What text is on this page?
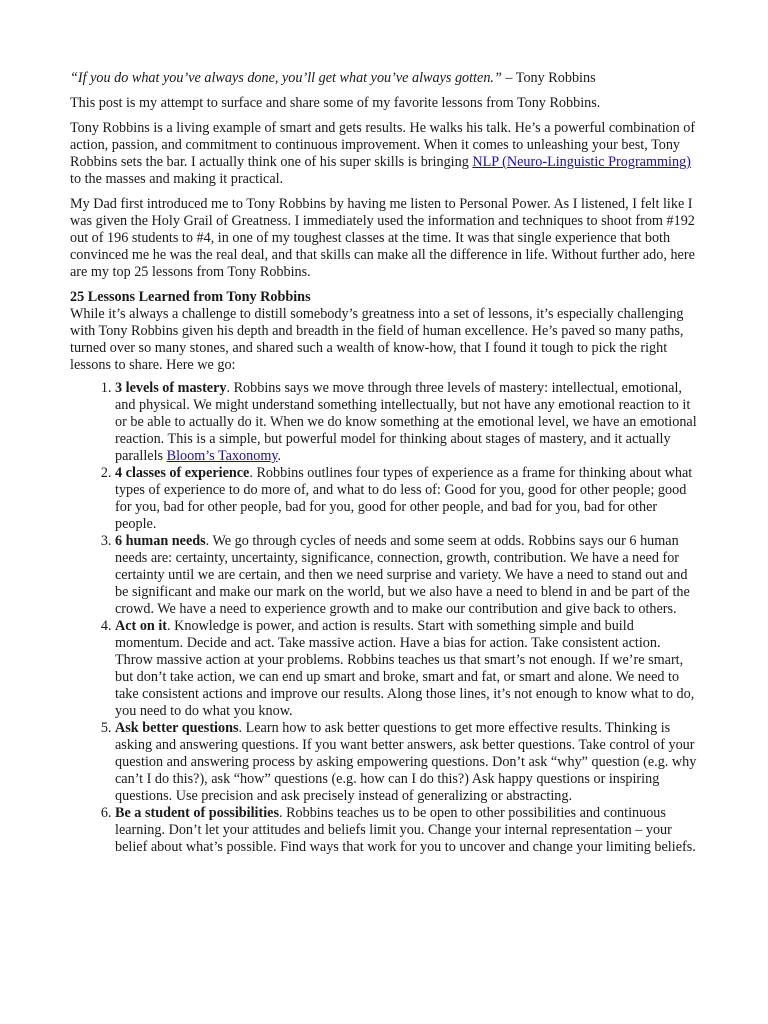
“If you do what you’ve always done, you’ll get what you’ve always gotten.” – Tony Robbins

This post is my attempt to surface and share some of my favorite lessons from Tony Robbins.

Tony Robbins is a living example of smart and gets results. He walks his talk. He’s a powerful combination of action, passion, and commitment to continuous improvement. When it comes to unleashing your best, Tony Robbins sets the bar. I actually think one of his super skills is bringing NLP (Neuro-Linguistic Programming) to the masses and making it practical.

My Dad first introduced me to Tony Robbins by having me listen to Personal Power. As I listened, I felt like I was given the Holy Grail of Greatness. I immediately used the information and techniques to shoot from #192 out of 196 students to #4, in one of my toughest classes at the time. It was that single experience that both convinced me he was the real deal, and that skills can make all the difference in life. Without further ado, here are my top 25 lessons from Tony Robbins.

25 Lessons Learned from Tony Robbins

While it’s always a challenge to distill somebody’s greatness into a set of lessons, it’s especially challenging with Tony Robbins given his depth and breadth in the field of human excellence. He’s paved so many paths, turned over so many stones, and shared such a wealth of know-how, that I found it tough to pick the right lessons to share. Here we go:

1. 3 levels of mastery. Robbins says we move through three levels of mastery: intellectual, emotional, and physical. We might understand something intellectually, but not have any emotional reaction to it or be able to actually do it. When we do know something at the emotional level, we have an emotional reaction. This is a simple, but powerful model for thinking about stages of mastery, and it actually parallels Bloom’s Taxonomy.
2. 4 classes of experience. Robbins outlines four types of experience as a frame for thinking about what types of experience to do more of, and what to do less of: Good for you, good for other people; good for you, bad for other people, bad for you, good for other people, and bad for you, bad for other people.
3. 6 human needs. We go through cycles of needs and some seem at odds. Robbins says our 6 human needs are: certainty, uncertainty, significance, connection, growth, contribution. We have a need for certainty until we are certain, and then we need surprise and variety. We have a need to stand out and be significant and make our mark on the world, but we also have a need to blend in and be part of the crowd. We have a need to experience growth and to make our contribution and give back to others.
4. Act on it. Knowledge is power, and action is results. Start with something simple and build momentum. Decide and act. Take massive action. Have a bias for action. Take consistent action. Throw massive action at your problems. Robbins teaches us that smart’s not enough. If we’re smart, but don’t take action, we can end up smart and broke, smart and fat, or smart and alone. We need to take consistent actions and improve our results. Along those lines, it’s not enough to know what to do, you need to do what you know.
5. Ask better questions. Learn how to ask better questions to get more effective results. Thinking is asking and answering questions. If you want better answers, ask better questions. Take control of your question and answering process by asking empowering questions. Don’t ask “why” question (e.g. why can’t I do this?), ask “how” questions (e.g. how can I do this?) Ask happy questions or inspiring questions. Use precision and ask precisely instead of generalizing or abstracting.
6. Be a student of possibilities. Robbins teaches us to be open to other possibilities and continuous learning. Don’t let your attitudes and beliefs limit you. Change your internal representation – your belief about what’s possible. Find ways that work for you to uncover and change your limiting beliefs.
